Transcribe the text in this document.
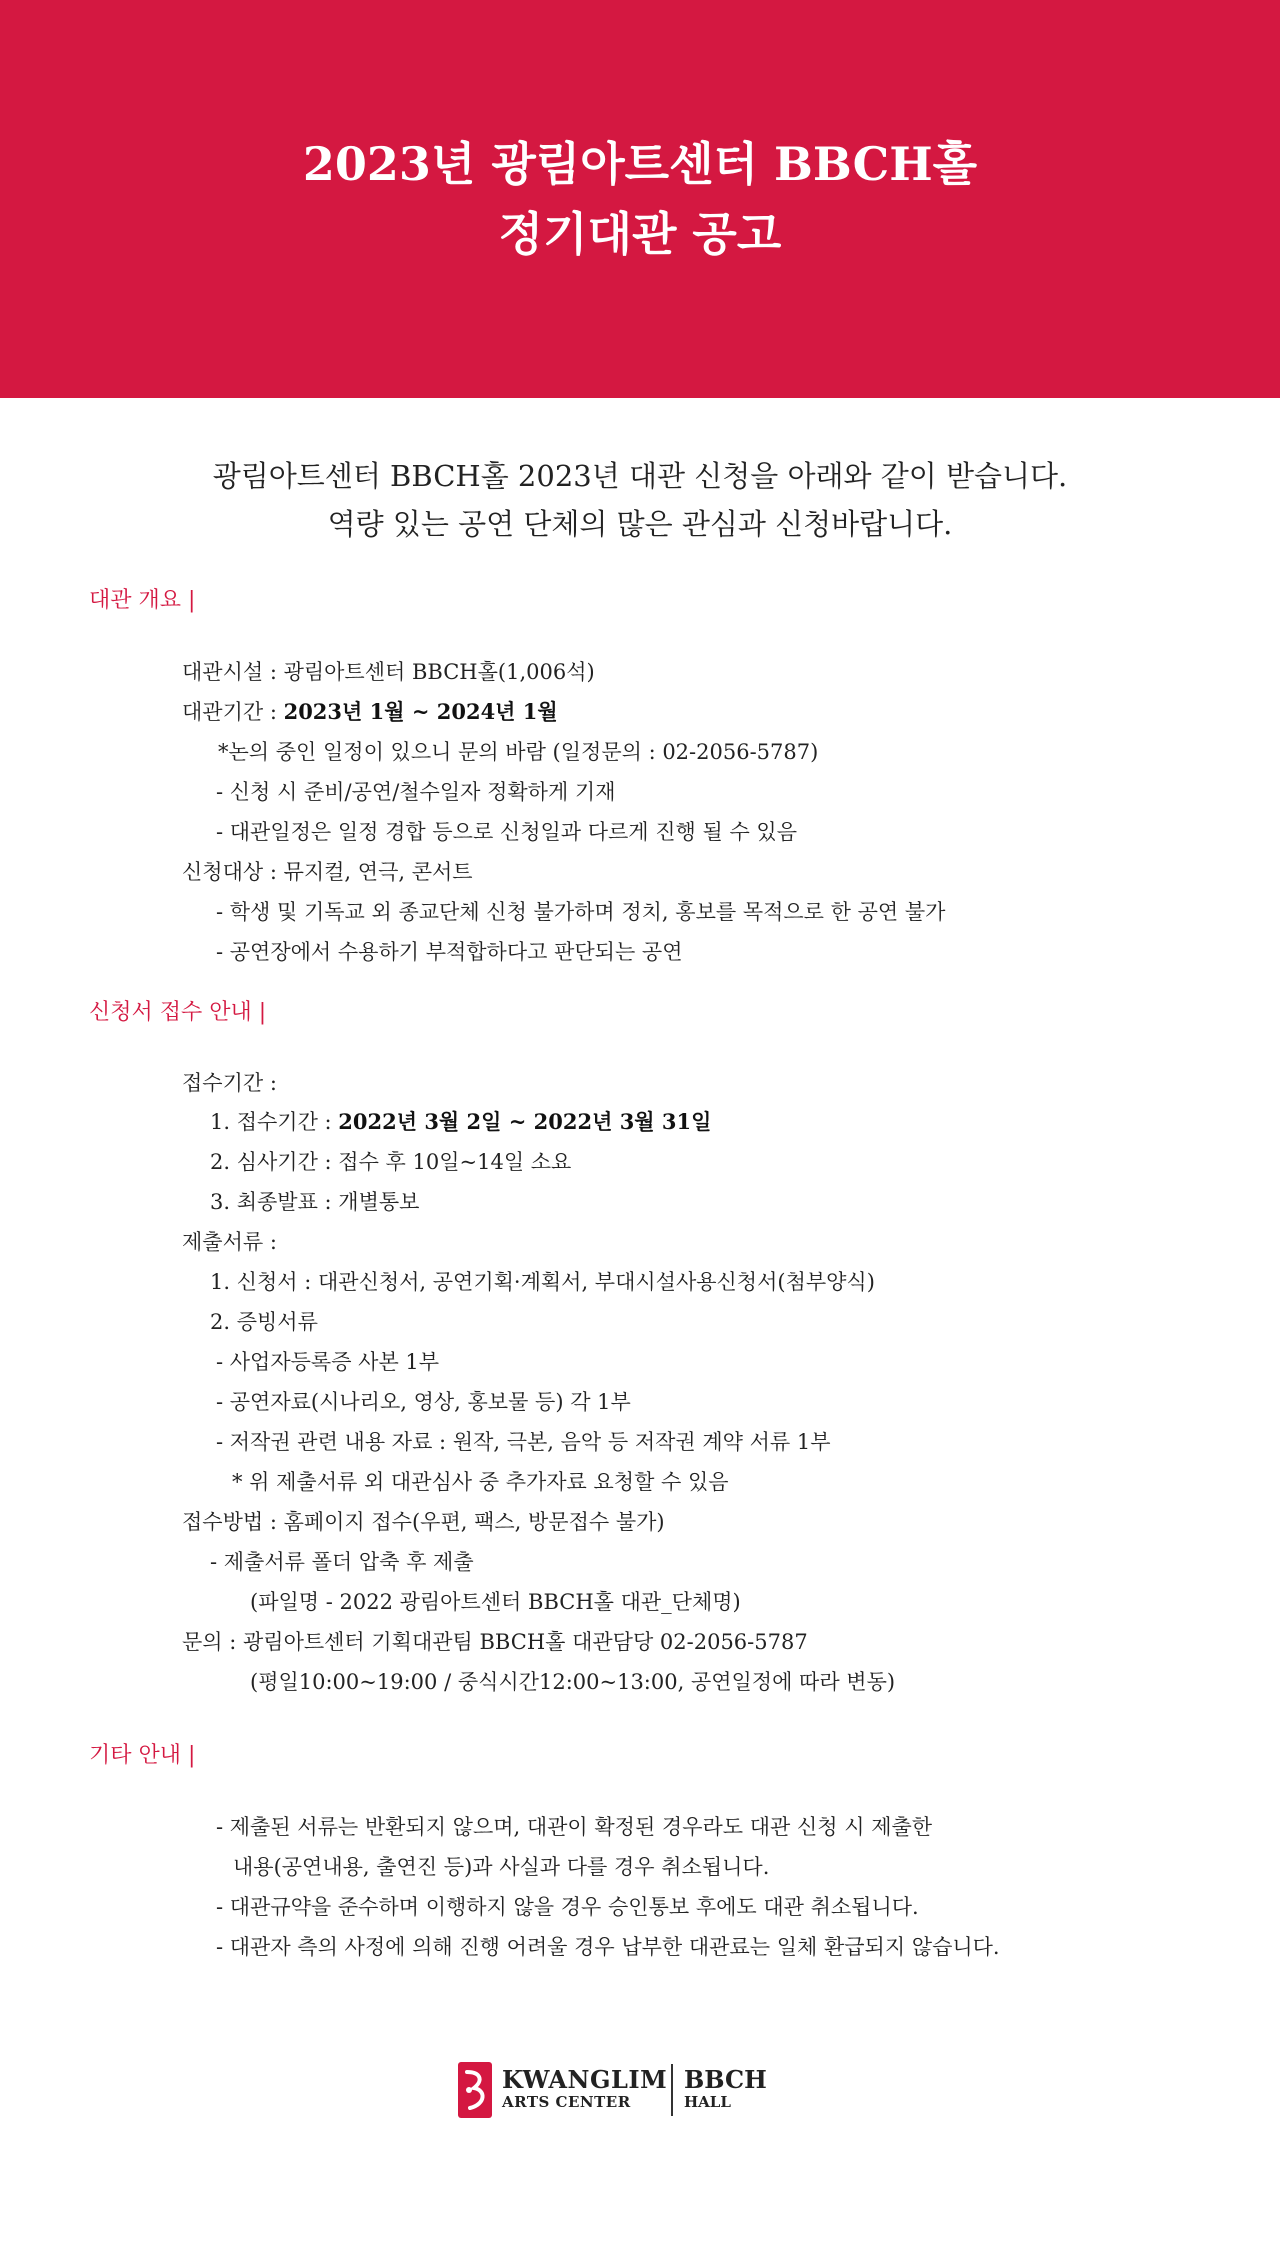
2023년 광림아트센터 BBCH홀
정기대관 공고
광림아트센터 BBCH홀 2023년 대관 신청을 아래와 같이 받습니다.
역량 있는 공연 단체의 많은 관심과 신청바랍니다.
대관 개요 |
대관시설 : 광림아트센터 BBCH홀(1,006석)
대관기간 : 2023년 1월 ~ 2024년 1월
*논의 중인 일정이 있으니 문의 바람 (일정문의 : 02-2056-5787)
- 신청 시 준비/공연/철수일자 정확하게 기재
- 대관일정은 일정 경합 등으로 신청일과 다르게 진행 될 수 있음
신청대상 : 뮤지컬, 연극, 콘서트
- 학생 및 기독교 외 종교단체 신청 불가하며 정치, 홍보를 목적으로 한 공연 불가
- 공연장에서 수용하기 부적합하다고 판단되는 공연
신청서 접수 안내 |
접수기간 :
1. 접수기간 : 2022년 3월 2일 ~ 2022년 3월 31일
2. 심사기간 : 접수 후 10일~14일 소요
3. 최종발표 : 개별통보
제출서류 :
1. 신청서 : 대관신청서, 공연기획·계획서, 부대시설사용신청서(첨부양식)
2. 증빙서류
- 사업자등록증 사본 1부
- 공연자료(시나리오, 영상, 홍보물 등) 각 1부
- 저작권 관련 내용 자료 : 원작, 극본, 음악 등 저작권 계약 서류 1부
* 위 제출서류 외 대관심사 중 추가자료 요청할 수 있음
접수방법 : 홈페이지 접수(우편, 팩스, 방문접수 불가)
- 제출서류 폴더 압축 후 제출
(파일명 - 2022 광림아트센터 BBCH홀 대관_단체명)
문의 : 광림아트센터 기획대관팀 BBCH홀 대관담당 02-2056-5787
(평일10:00~19:00 / 중식시간12:00~13:00, 공연일정에 따라 변동)
기타 안내 |
- 제출된 서류는 반환되지 않으며, 대관이 확정된 경우라도 대관 신청 시 제출한
내용(공연내용, 출연진 등)과 사실과 다를 경우 취소됩니다.
- 대관규약을 준수하며 이행하지 않을 경우 승인통보 후에도 대관 취소됩니다.
- 대관자 측의 사정에 의해 진행 어려울 경우 납부한 대관료는 일체 환급되지 않습니다.
KWANGLIM
ARTS CENTER
BBCH
HALL
